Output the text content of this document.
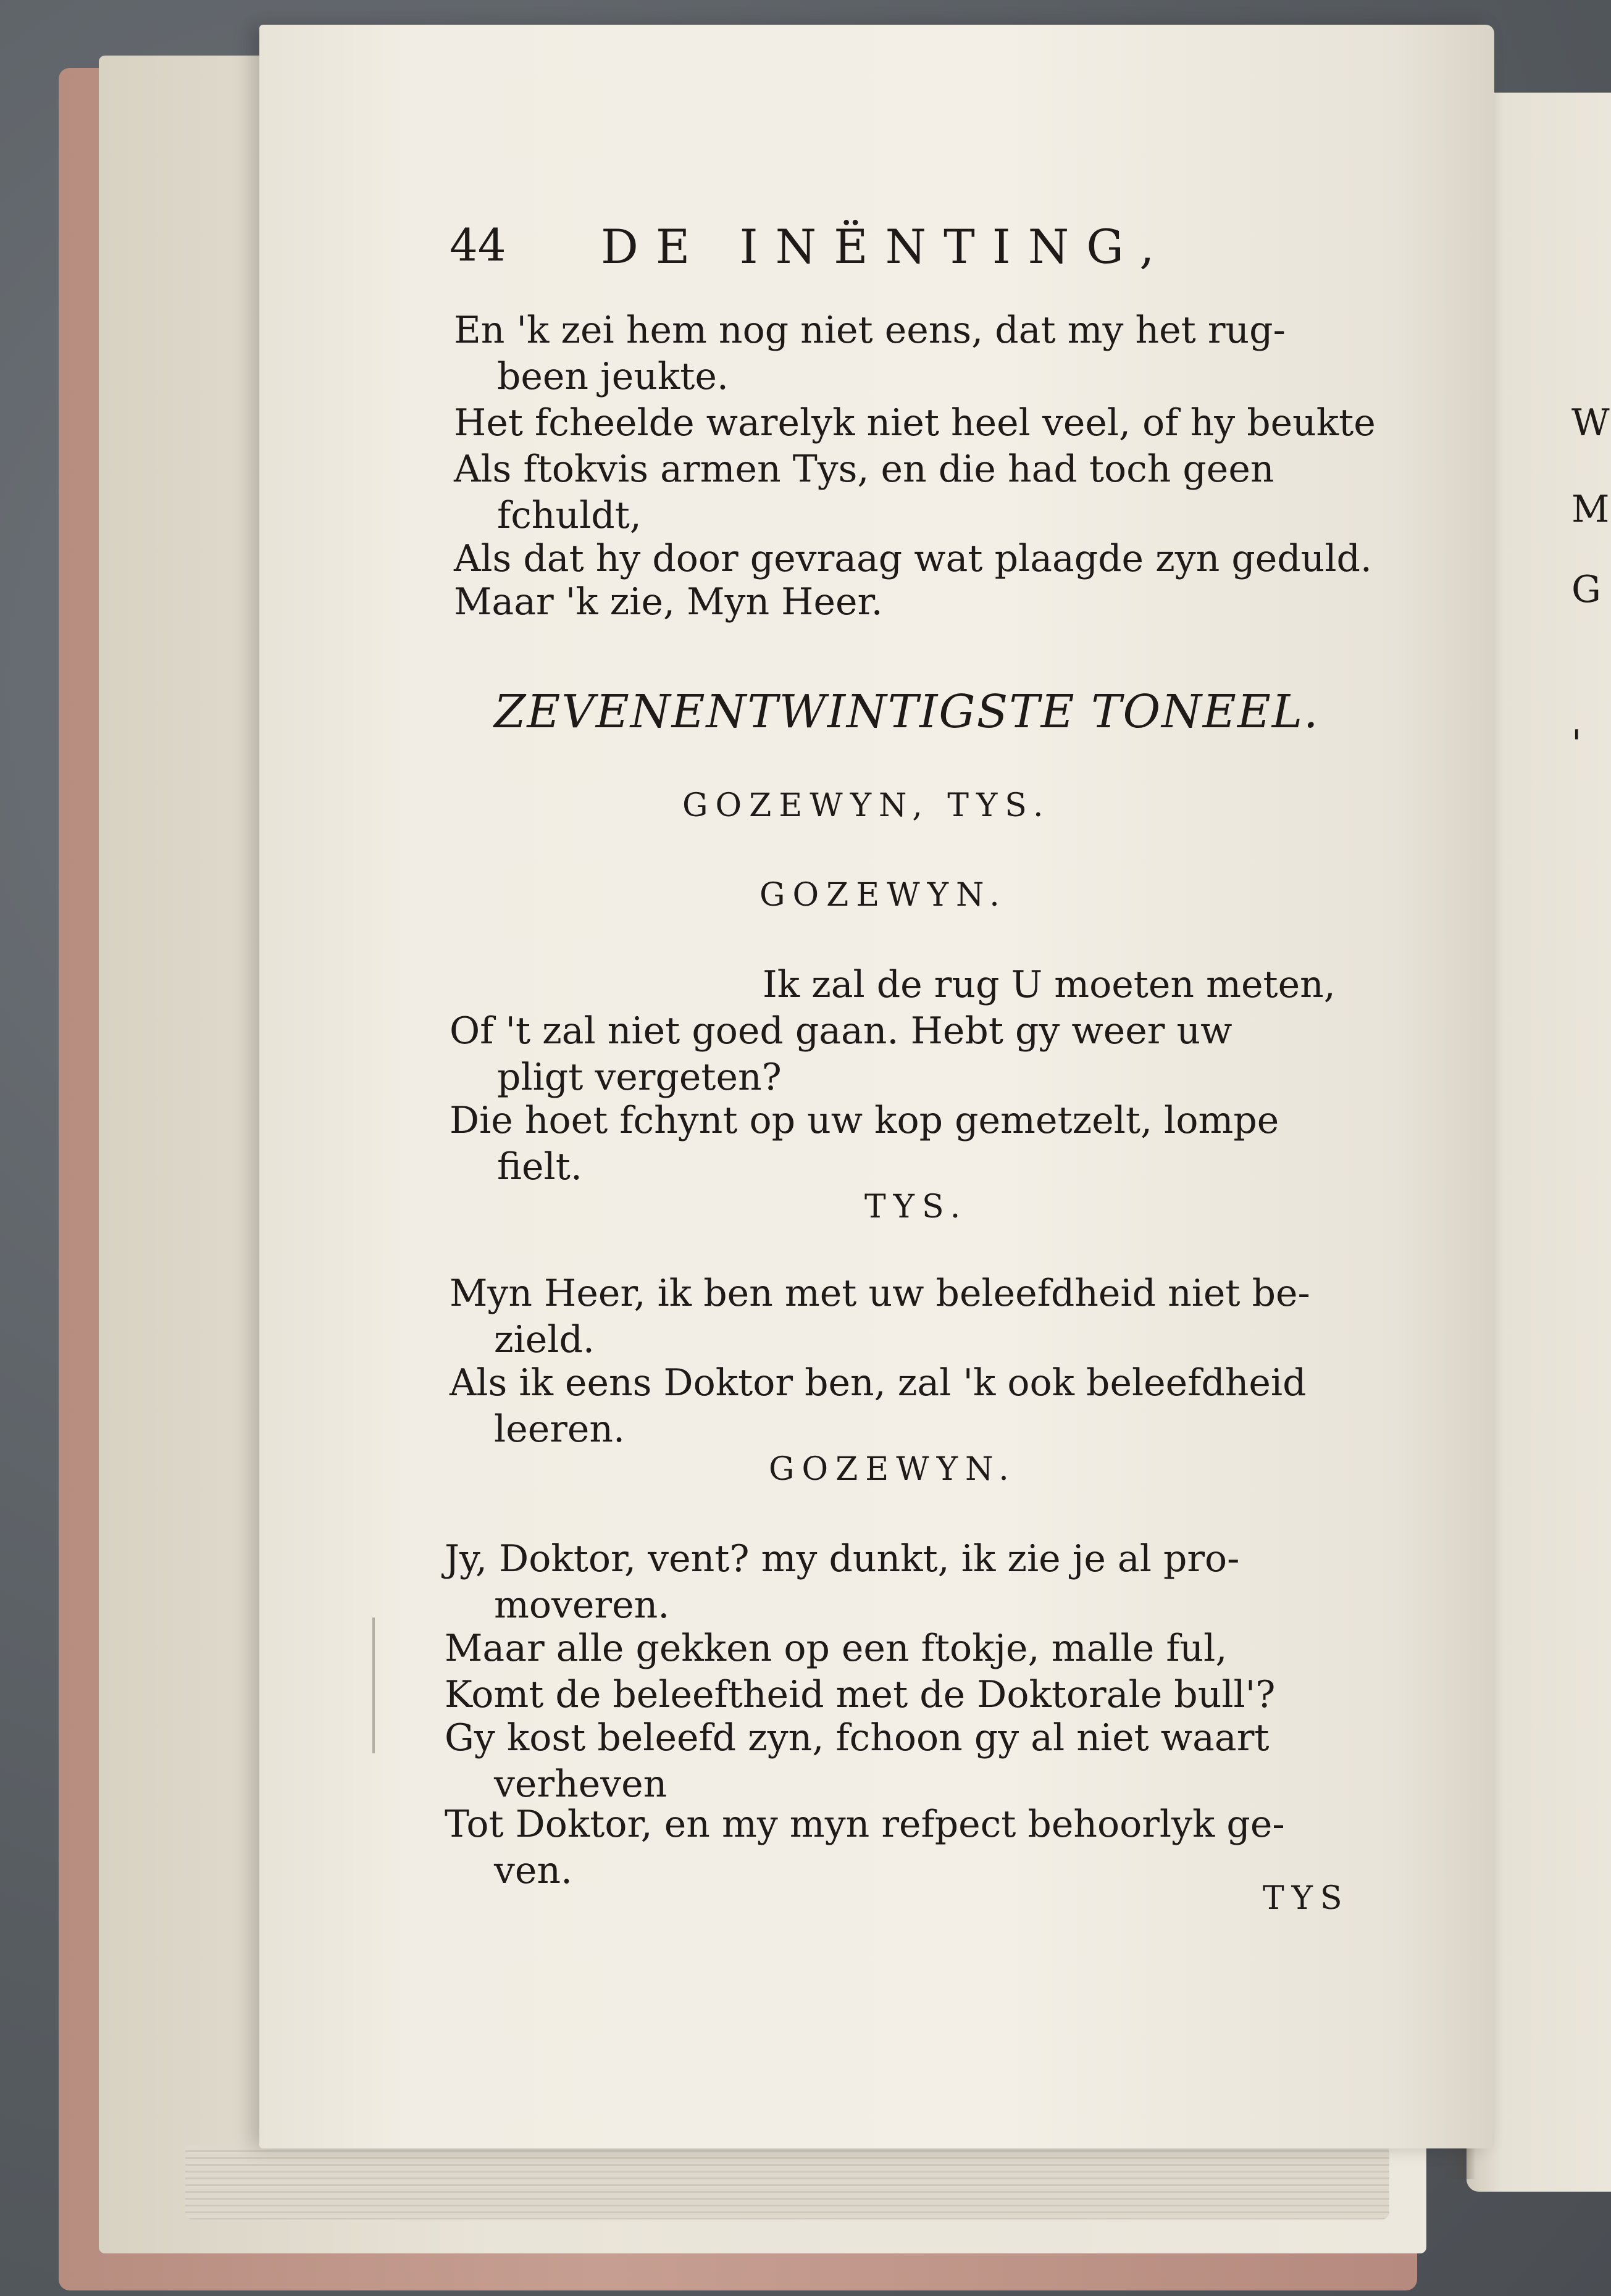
W
M
G
'
44 DE INËNTING,
En 'k zei hem nog niet eens, dat my het rug-
been jeukte.
Het fcheelde warelyk niet heel veel, of hy beukte
Als ftokvis armen Tys, en die had toch geen
fchuldt,
Als dat hy door gevraag wat plaagde zyn geduld.
Maar 'k zie, Myn Heer.
ZEVENENTWINTIGSTE TONEEL.
GOZEWYN, TYS.
GOZEWYN.
Ik zal de rug U moeten meten,
Of 't zal niet goed gaan. Hebt gy weer uw
pligt vergeten?
Die hoet fchynt op uw kop gemetzelt, lompe
fielt.
TYS.
Myn Heer, ik ben met uw beleefdheid niet be-
zield.
Als ik eens Doktor ben, zal 'k ook beleefdheid
leeren.
GOZEWYN.
Jy, Doktor, vent? my dunkt, ik zie je al pro-
moveren.
Maar alle gekken op een ftokje, malle ful,
Komt de beleeftheid met de Doktorale bull'?
Gy kost beleefd zyn, fchoon gy al niet waart
verheven
Tot Doktor, en my myn refpect behoorlyk ge-
ven.
TYS
